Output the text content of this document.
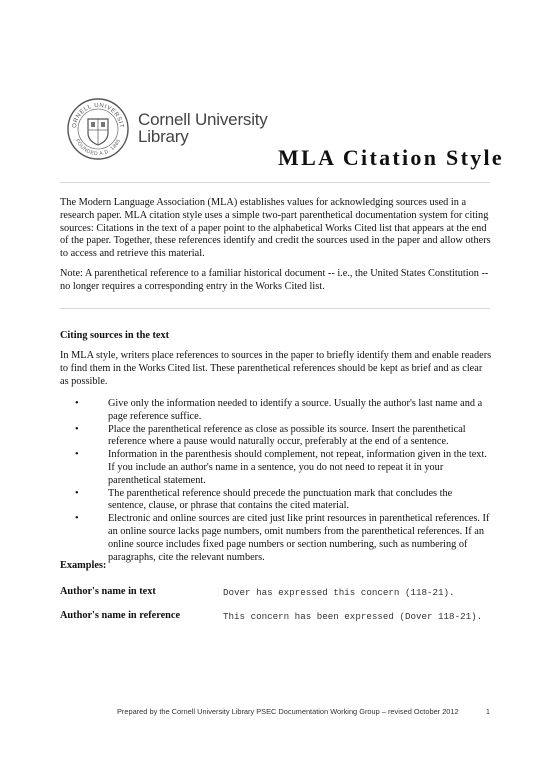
ORNELL UNIVERSIT
FOUNDED A.D. 1865
Cornell University
Library
MLA Citation Style

The Modern Language Association (MLA) establishes values for acknowledging sources used in a research paper. MLA citation style uses a simple two-part parenthetical documentation system for citing sources: Citations in the text of a paper point to the alphabetical Works Cited list that appears at the end of the paper. Together, these references identify and credit the sources used in the paper and allow others to access and retrieve this material.

Note: A parenthetical reference to a familiar historical document -- i.e., the United States Constitution -- no longer requires a corresponding entry in the Works Cited list.

Citing sources in the text

In MLA style, writers place references to sources in the paper to briefly identify them and enable readers to find them in the Works Cited list. These parenthetical references should be kept as brief and as clear as possible.

• Give only the information needed to identify a source. Usually the author's last name and a page reference suffice.
• Place the parenthetical reference as close as possible its source. Insert the parenthetical reference where a pause would naturally occur, preferably at the end of a sentence.
• Information in the parenthesis should complement, not repeat, information given in the text. If you include an author's name in a sentence, you do not need to repeat it in your parenthetical statement.
• The parenthetical reference should precede the punctuation mark that concludes the sentence, clause, or phrase that contains the cited material.
• Electronic and online sources are cited just like print resources in parenthetical references. If an online source lacks page numbers, omit numbers from the parenthetical references. If an online source includes fixed page numbers or section numbering, such as numbering of paragraphs, cite the relevant numbers.
Examples:
Author's name in text	Dover has expressed this concern (118-21).
Author's name in reference	This concern has been expressed (Dover 118-21).
Prepared by the Cornell University Library PSEC Documentation Working Group – revised October 2012	1
